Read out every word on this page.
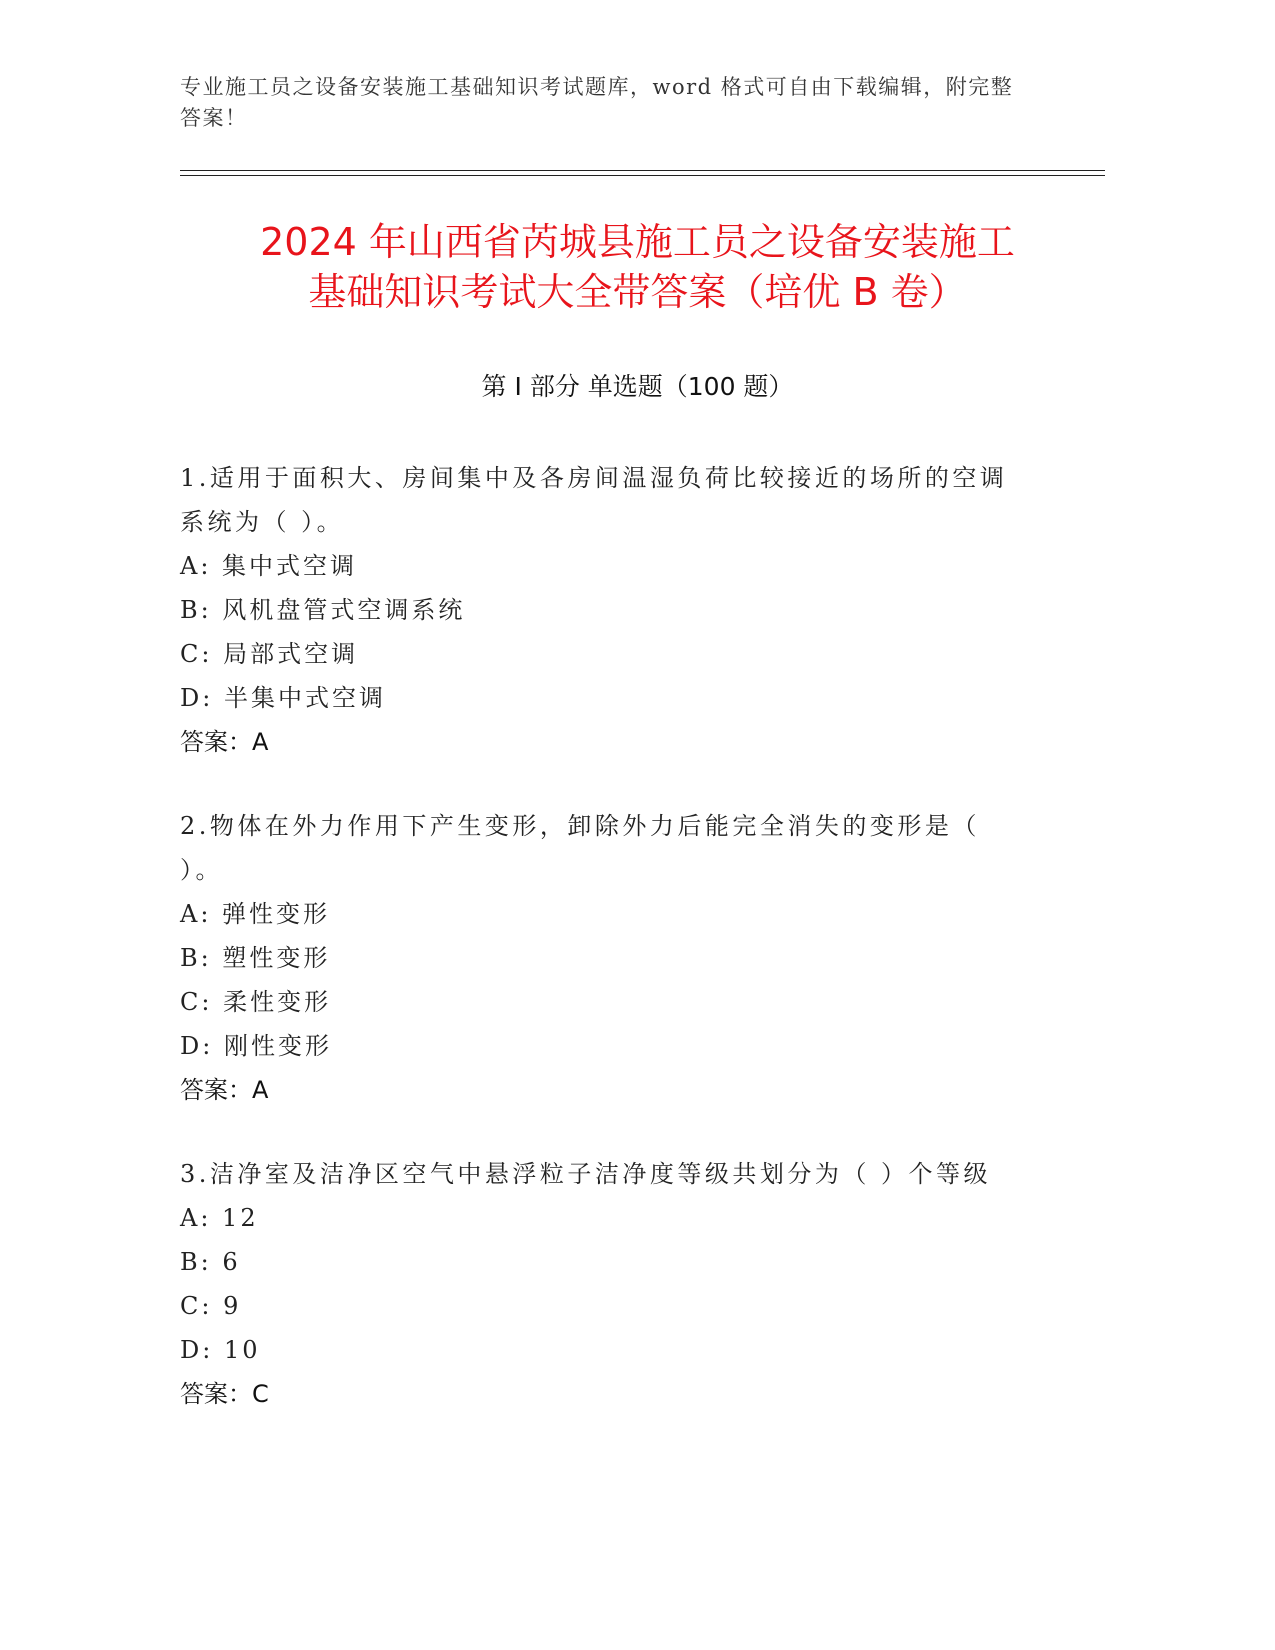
专业施工员之设备安装施工基础知识考试题库，word 格式可自由下载编辑，附完整答案！
2024 年山西省芮城县施工员之设备安装施工
基础知识考试大全带答案（培优 B 卷）
第 I 部分 单选题（100 题）
1.适用于面积大、房间集中及各房间温湿负荷比较接近的场所的空调系统为（ ）。
A: 集中式空调
B: 风机盘管式空调系统
C: 局部式空调
D: 半集中式空调
答案：A
2.物体在外力作用下产生变形，卸除外力后能完全消失的变形是（ ）。
A: 弹性变形
B: 塑性变形
C: 柔性变形
D: 刚性变形
答案：A
3.洁净室及洁净区空气中悬浮粒子洁净度等级共划分为（ ）个等级
A: 12
B: 6
C: 9
D: 10
答案：C
